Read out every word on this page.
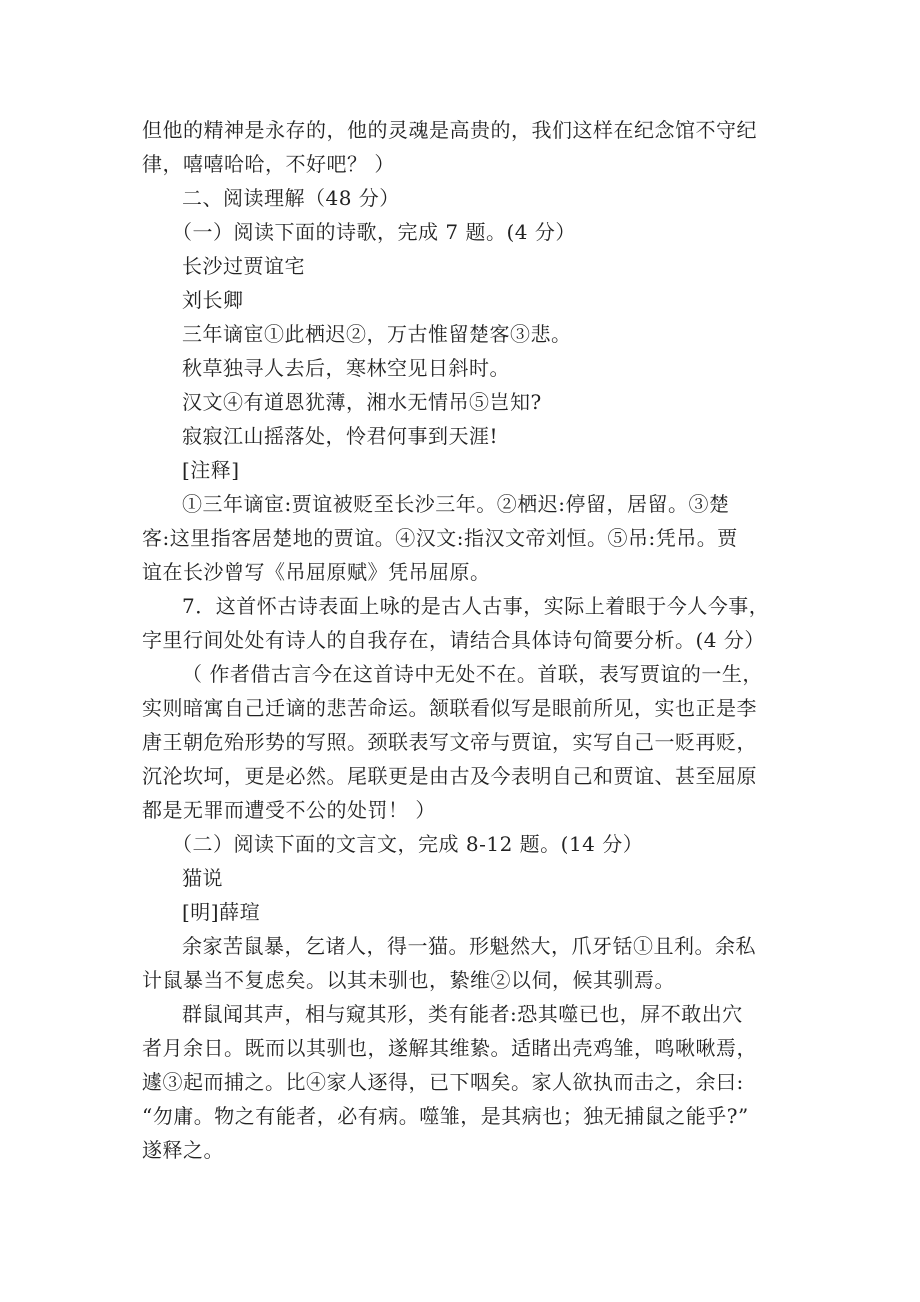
但他的精神是永存的，他的灵魂是高贵的，我们这样在纪念馆不守纪
律，嘻嘻哈哈，不好吧？ ）
二、阅读理解（48 分）
（一）阅读下面的诗歌，完成 7 题。(4 分）
长沙过贾谊宅
刘长卿
三年谪宦①此栖迟②，万古惟留楚客③悲。
秋草独寻人去后，寒林空见日斜时。
汉文④有道恩犹薄，湘水无情吊⑤岂知?
寂寂江山摇落处，怜君何事到天涯!
[注释]
①三年谪宦:贾谊被贬至长沙三年。②栖迟:停留，居留。③楚
客:这里指客居楚地的贾谊。④汉文:指汉文帝刘恒。⑤吊:凭吊。贾
谊在长沙曾写《吊屈原赋》凭吊屈原。
7．这首怀古诗表面上咏的是古人古事，实际上着眼于今人今事，
字里行间处处有诗人的自我存在，请结合具体诗句简要分析。(4 分）
（ 作者借古言今在这首诗中无处不在。首联，表写贾谊的一生，
实则暗寓自己迁谪的悲苦命运。颔联看似写是眼前所见，实也正是李
唐王朝危殆形势的写照。颈联表写文帝与贾谊，实写自己一贬再贬，
沉沦坎坷，更是必然。尾联更是由古及今表明自己和贾谊、甚至屈原
都是无罪而遭受不公的处罚！ ）
（二）阅读下面的文言文，完成 8-12 题。(14 分）
猫说
[明]薛瑄
余家苦鼠暴，乞诸人，得一猫。形魁然大，爪牙铦①且利。余私
计鼠暴当不复虑矣。以其未驯也，絷维②以伺，候其驯焉。
群鼠闻其声，相与窥其形，类有能者:恐其噬已也，屏不敢出穴
者月余日。既而以其驯也，遂解其维絷。适睹出壳鸡雏，鸣啾啾焉，
遽③起而捕之。比④家人逐得，已下咽矣。家人欲执而击之，余曰:
“勿庸。物之有能者，必有病。噬雏，是其病也；独无捕鼠之能乎?”
遂释之。
